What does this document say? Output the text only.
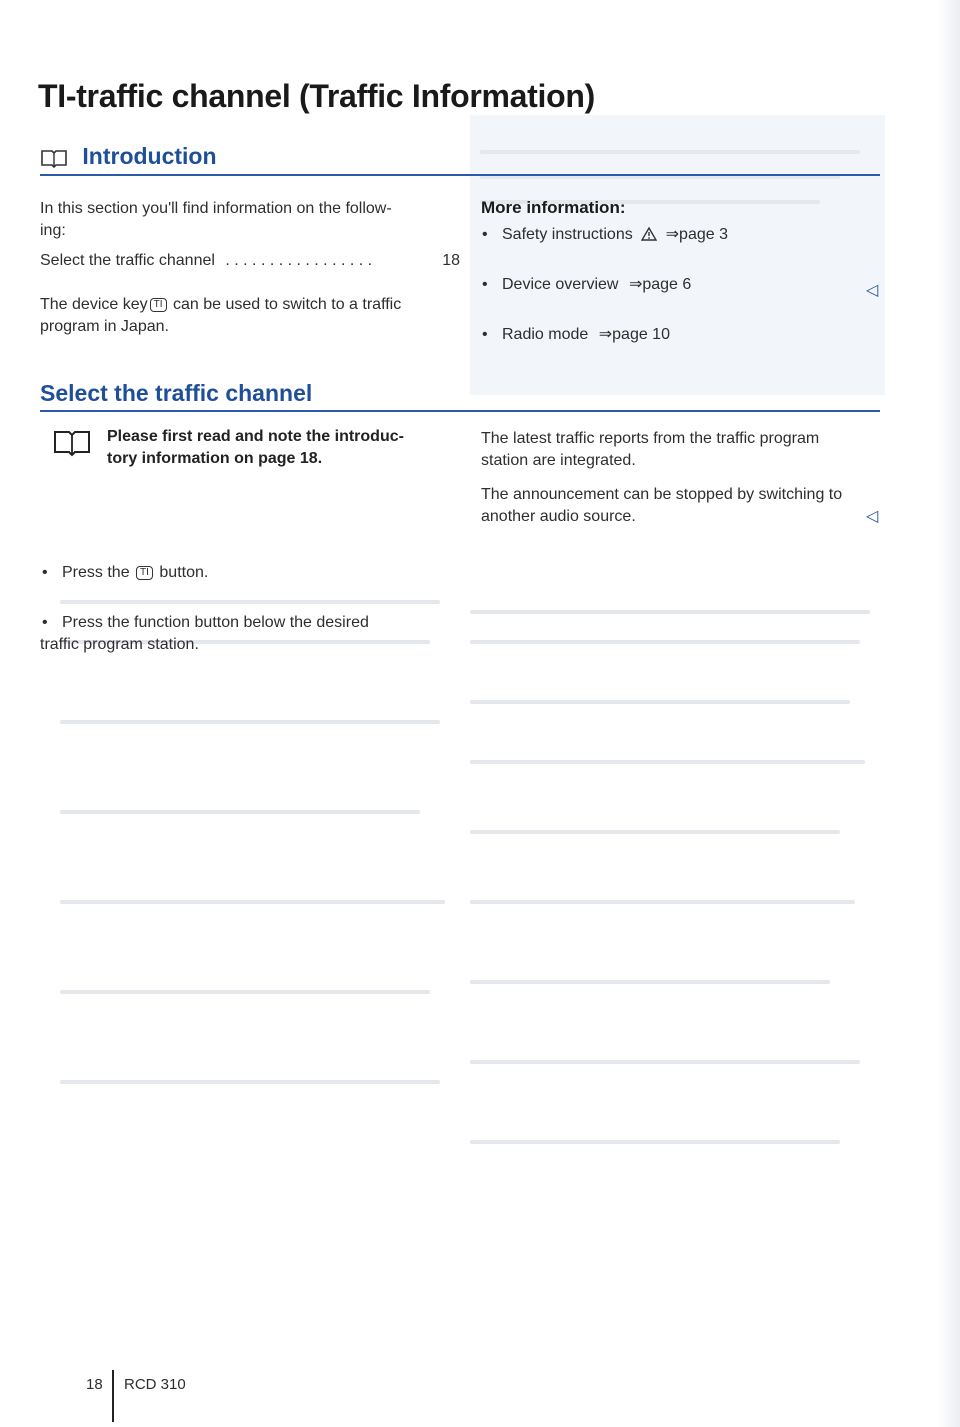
TI-traffic channel (Traffic Information)
Introduction
In this section you'll find information on the follow-
ing:
Select the traffic channel . . . . . . . . . . . . . . . . .	18
The device key TI can be used to switch to a traffic
program in Japan.
More information:
• Safety instructions ⇒page 3
• Device overview ⇒page 6
• Radio mode ⇒page 10
◁
Select the traffic channel
Please first read and note the introduc-
tory information on page 18.
• Press the TI button.
• Press the function button below the desired
traffic program station.
The latest traffic reports from the traffic program
station are integrated.
The announcement can be stopped by switching to
another audio source.	◁
18 RCD 310
